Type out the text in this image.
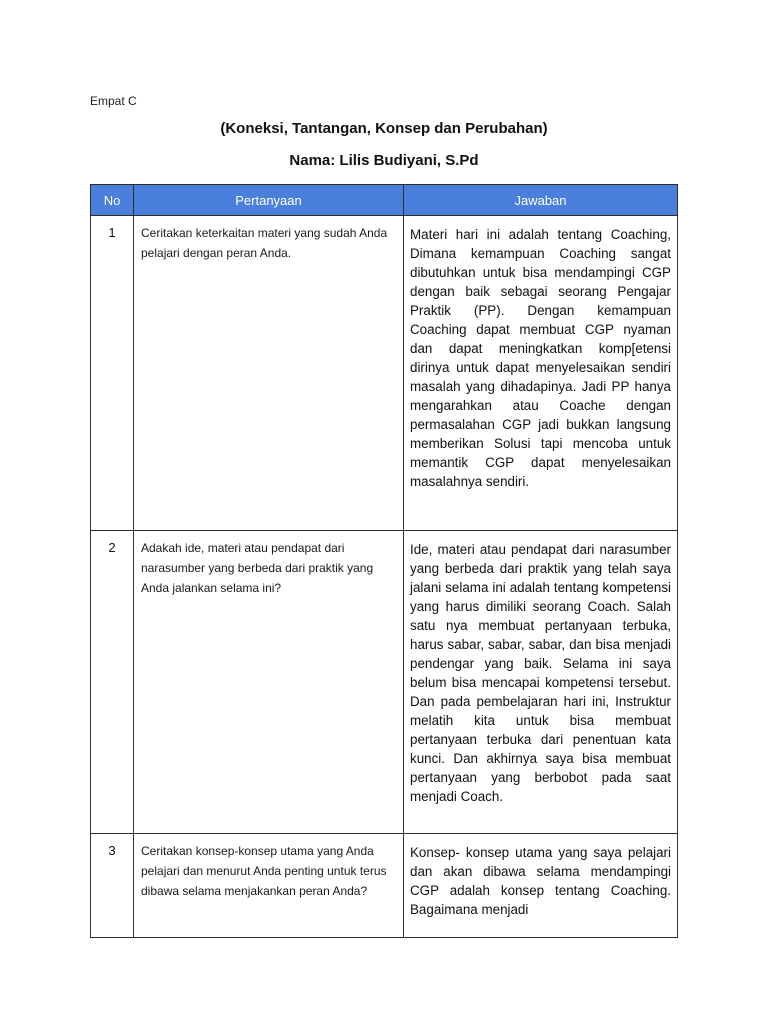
Empat C
(Koneksi, Tantangan, Konsep dan Perubahan)
Nama: Lilis Budiyani, S.Pd
No	Pertanyaan	Jawaban
1	Ceritakan keterkaitan materi yang sudah Anda pelajari dengan peran Anda.	Materi hari ini adalah tentang Coaching, Dimana kemampuan Coaching sangat dibutuhkan untuk bisa mendampingi CGP dengan baik sebagai seorang Pengajar Praktik (PP). Dengan kemampuan Coaching dapat membuat CGP nyaman dan dapat meningkatkan komp[etensi dirinya untuk dapat menyelesaikan sendiri masalah yang dihadapinya. Jadi PP hanya mengarahkan atau Coache dengan permasalahan CGP jadi bukkan langsung memberikan Solusi tapi mencoba untuk memantik CGP dapat menyelesaikan masalahnya sendiri.
2	Adakah ide, materi atau pendapat dari narasumber yang berbeda dari praktik yang Anda jalankan selama ini?	Ide, materi atau pendapat dari narasumber yang berbeda dari praktik yang telah saya jalani selama ini adalah tentang kompetensi yang harus dimiliki seorang Coach. Salah satu nya membuat pertanyaan terbuka, harus sabar, sabar, sabar, dan bisa menjadi pendengar yang baik. Selama ini saya belum bisa mencapai kompetensi tersebut. Dan pada pembelajaran hari ini, Instruktur melatih kita untuk bisa membuat pertanyaan terbuka dari penentuan kata kunci. Dan akhirnya saya bisa membuat pertanyaan yang berbobot pada saat menjadi Coach.
3	Ceritakan konsep-konsep utama yang Anda pelajari dan menurut Anda penting untuk terus dibawa selama menjakankan peran Anda?	Konsep- konsep utama yang saya pelajari dan akan dibawa selama mendampingi CGP adalah konsep tentang Coaching. Bagaimana menjadi
